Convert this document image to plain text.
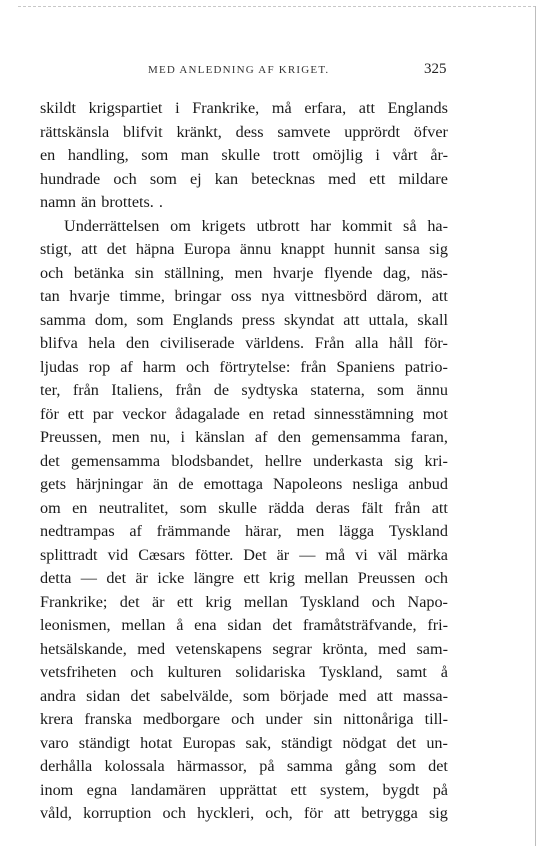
MED ANLEDNING AF KRIGET.	325
skildt krigspartiet i Frankrike, må erfara, att Englands
rättskänsla blifvit kränkt, dess samvete upprördt öfver
en handling, som man skulle trott omöjlig i vårt år-
hundrade och som ej kan betecknas med ett mildare
namn än brottets. .
Underrättelsen om krigets utbrott har kommit så ha-
stigt, att det häpna Europa ännu knappt hunnit sansa sig
och betänka sin ställning, men hvarje flyende dag, näs-
tan hvarje timme, bringar oss nya vittnesbörd därom, att
samma dom, som Englands press skyndat att uttala, skall
blifva hela den civiliserade världens. Från alla håll för-
ljudas rop af harm och förtrytelse: från Spaniens patrio-
ter, från Italiens, från de sydtyska staterna, som ännu
för ett par veckor ådagalade en retad sinnesstämning mot
Preussen, men nu, i känslan af den gemensamma faran,
det gemensamma blodsbandet, hellre underkasta sig kri-
gets härjningar än de emottaga Napoleons nesliga anbud
om en neutralitet, som skulle rädda deras fält från att
nedtrampas af främmande härar, men lägga Tyskland
splittradt vid Cæsars fötter. Det är — må vi väl märka
detta — det är icke längre ett krig mellan Preussen och
Frankrike; det är ett krig mellan Tyskland och Napo-
leonismen, mellan å ena sidan det framåtsträfvande, fri-
hetsälskande, med vetenskapens segrar krönta, med sam-
vetsfriheten och kulturen solidariska Tyskland, samt å
andra sidan det sabelvälde, som började med att massa-
krera franska medborgare och under sin nittonåriga till-
varo ständigt hotat Europas sak, ständigt nödgat det un-
derhålla kolossala härmassor, på samma gång som det
inom egna landamären upprättat ett system, bygdt på
våld, korruption och hyckleri, och, för att betrygga sig
